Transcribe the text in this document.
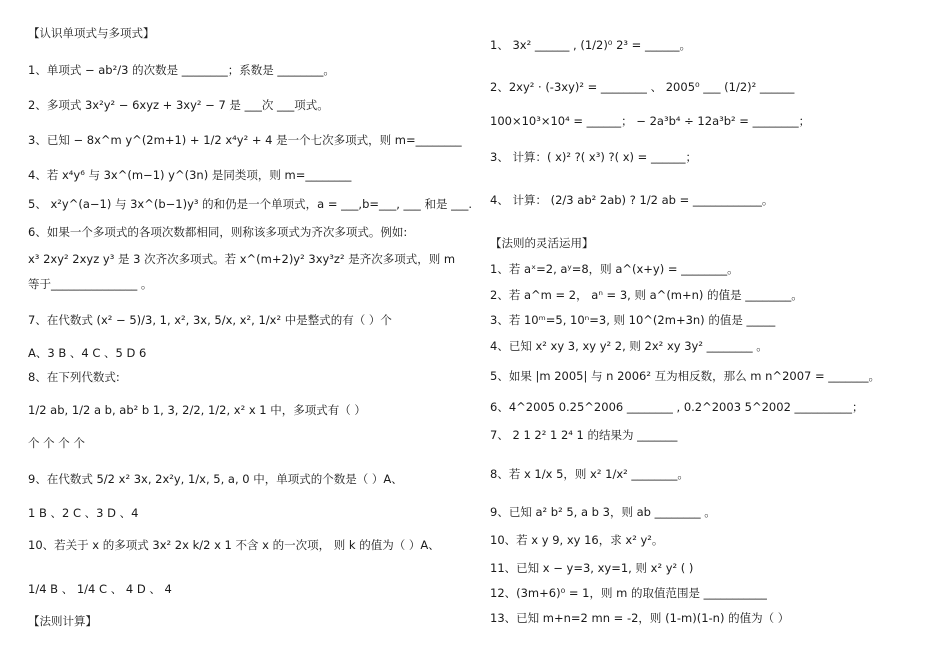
【认识单项式与多项式】
1、单项式 − ab²/3 的次数是 ________；系数是 ________。
2、多项式 3x²y² − 6xyz + 3xy² − 7 是 ___次 ___项式。
3、已知 − 8x^m y^(2m+1) + 1/2 x⁴y² + 4 是一个七次多项式，则 m=________
4、若 x⁴y⁶ 与 3x^(m−1) y^(3n) 是同类项，则 m=________
5、 x²y^(a−1) 与 3x^(b−1)y³ 的和仍是一个单项式，a = ___,b=___, ___ 和是 ___.
6、如果一个多项式的各项次数都相同，则称该多项式为齐次多项式。例如:
x³ 2xy² 2xyz y³ 是 3 次齐次多项式。若 x^(m+2)y² 3xy³z² 是齐次多项式，则 m
等于_______________ 。
7、在代数式 (x² − 5)/3, 1, x², 3x, 5/x, x², 1/x² 中是整式的有（ ）个
A、3 B 、4 C 、5 D 6
8、在下列代数式:
1/2 ab, 1/2 a b, ab² b 1, 3, 2/2, 1/2, x² x 1 中，多项式有（ ）
个 个 个 个
9、在代数式 5/2 x² 3x, 2x²y, 1/x, 5, a, 0 中，单项式的个数是（ ）A、
1 B 、2 C 、3 D 、4
10、若关于 x 的多项式 3x² 2x k/2 x 1 不含 x 的一次项， 则 k 的值为（ ）A、
1/4 B 、 1/4 C 、 4 D 、 4
【法则计算】
1、 3x² ______ , (1/2)⁰ 2³ = ______。
2、2xy² · (-3xy)² = ________ 、 2005⁰ ___ (1/2)² ______
100×10³×10⁴ = ______； − 2a³b⁴ ÷ 12a³b² = ________；
3、 计算：( x)² ?( x³) ?( x) = ______；
4、 计算： (2/3 ab² 2ab) ? 1/2 ab = ____________。
【法则的灵活运用】
1、若 aˣ=2, aʸ=8，则 a^(x+y) = ________。
2、若 a^m = 2， aⁿ = 3, 则 a^(m+n) 的值是 ________。
3、若 10ᵐ=5, 10ⁿ=3, 则 10^(2m+3n) 的值是 _____
4、已知 x² xy 3, xy y² 2, 则 2x² xy 3y² ________ 。
5、如果 |m 2005| 与 n 2006² 互为相反数，那么 m n^2007 = _______。
6、4^2005 0.25^2006 ________ , 0.2^2003 5^2002 __________；
7、 2 1 2² 1 2⁴ 1 的结果为 _______
8、若 x 1/x 5，则 x² 1/x² ________。
9、已知 a² b² 5, a b 3，则 ab ________ 。
10、若 x y 9, xy 16，求 x² y²。
11、已知 x − y=3, xy=1, 则 x² y² ( )
12、(3m+6)⁰ = 1，则 m 的取值范围是 ___________
13、已知 m+n=2 mn = -2，则 (1-m)(1-n) 的值为（ ）
